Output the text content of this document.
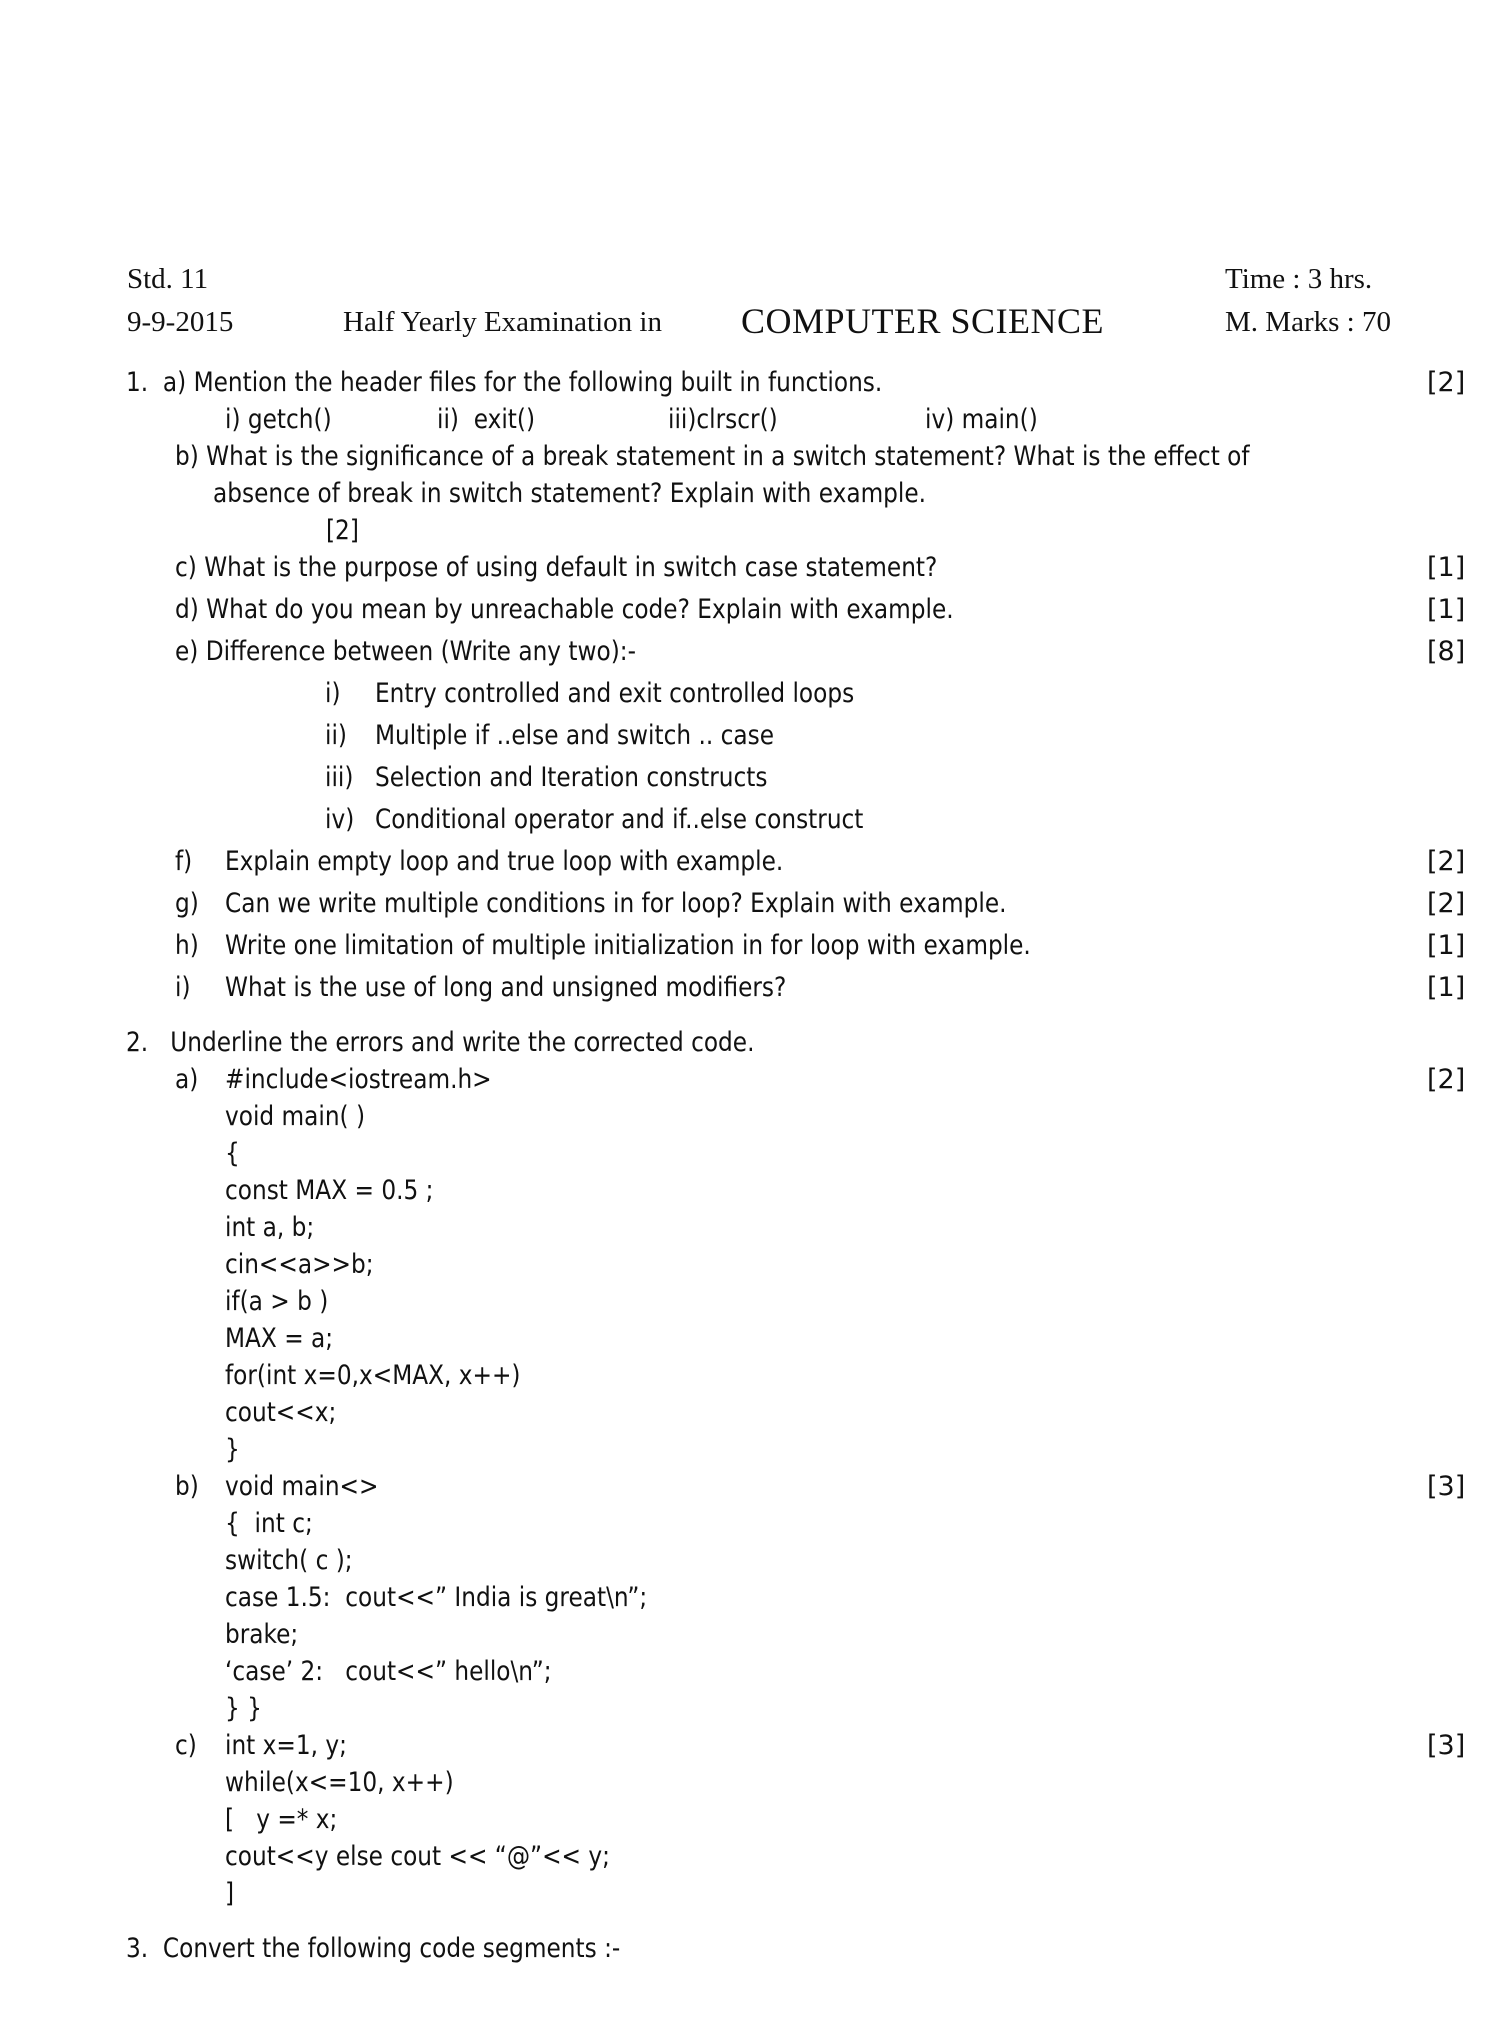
Std. 11	Time : 3 hrs.
9-9-2015	Half Yearly Examination in COMPUTER SCIENCE	M. Marks : 70
1.  a) Mention the header files for the following built in functions.	[2]
i) getch()	ii)  exit()	iii)clrscr()	iv) main()
b) What is the significance of a break statement in a switch statement? What is the effect of
absence of break in switch statement? Explain with example.
[2]
c) What is the purpose of using default in switch case statement?	[1]
d) What do you mean by unreachable code? Explain with example.	[1]
e) Difference between (Write any two):-	[8]
i) Entry controlled and exit controlled loops
ii) Multiple if ..else and switch .. case
iii) Selection and Iteration constructs
iv) Conditional operator and if..else construct
f) Explain empty loop and true loop with example.	[2]
g) Can we write multiple conditions in for loop? Explain with example.	[2]
h) Write one limitation of multiple initialization in for loop with example.	[1]
i) What is the use of long and unsigned modifiers?	[1]
2.   Underline the errors and write the corrected code.
a)	[2]
#include<iostream.h>
void main( )
{
const MAX = 0.5 ;
int a, b;
cin<<a>>b;
if(a > b )
MAX = a;
for(int x=0,x<MAX, x++)
cout<<x;
}
b)	[3]
void main<>
{  int c;
switch( c );
case 1.5:  cout<<” India is great\n”;
brake;
‘case’ 2:   cout<<” hello\n”;
} }
c)	[3]
int x=1, y;
while(x<=10, x++)
[   y =* x;
cout<<y else cout << “@”<< y;
]
3.  Convert the following code segments :-
